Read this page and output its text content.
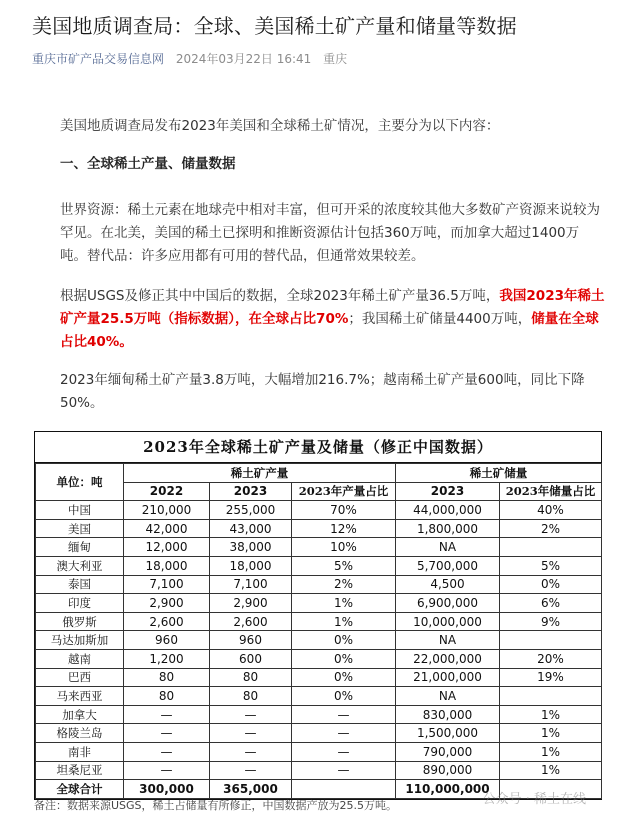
美国地质调查局：全球、美国稀土矿产量和储量等数据
重庆市矿产品交易信息网 2024年03月22日 16:41 重庆
美国地质调查局发布2023年美国和全球稀土矿情况，主要分为以下内容：
一、全球稀土产量、储量数据
世界资源：稀土元素在地球壳中相对丰富，但可开采的浓度较其他大多数矿产资源来说较为罕见。在北美，美国的稀土已探明和推断资源估计包括360万吨，而加拿大超过1400万吨。替代品：许多应用都有可用的替代品，但通常效果较差。
根据USGS及修正其中中国后的数据，全球2023年稀土矿产量36.5万吨，我国2023年稀土矿产量25.5万吨（指标数据），在全球占比70%；我国稀土矿储量4400万吨，储量在全球占比40%。
2023年缅甸稀土矿产量3.8万吨，大幅增加216.7%；越南稀土矿产量600吨，同比下降50%。
2023年全球稀土矿产量及储量（修正中国数据）
单位：吨	稀土矿产量			稀土矿储量	
	2022	2023	2023年产量占比	2023	2023年储量占比
中国	210,000	255,000	70%	44,000,000	40%
美国	42,000	43,000	12%	1,800,000	2%
缅甸	12,000	38,000	10%	NA	
澳大利亚	18,000	18,000	5%	5,700,000	5%
泰国	7,100	7,100	2%	4,500	0%
印度	2,900	2,900	1%	6,900,000	6%
俄罗斯	2,600	2,600	1%	10,000,000	9%
马达加斯加	960	960	0%	NA	
越南	1,200	600	0%	22,000,000	20%
巴西	80	80	0%	21,000,000	19%
马来西亚	80	80	0%	NA	
加拿大	—	—	—	830,000	1%
格陵兰岛	—	—	—	1,500,000	1%
南非	—	—	—	790,000	1%
坦桑尼亚	—	—	—	890,000	1%
全球合计	300,000	365,000		110,000,000	
备注：数据来源USGS，稀土占储量有所修正，中国数据产放为25.5万吨。	公众号 · 稀土在线
